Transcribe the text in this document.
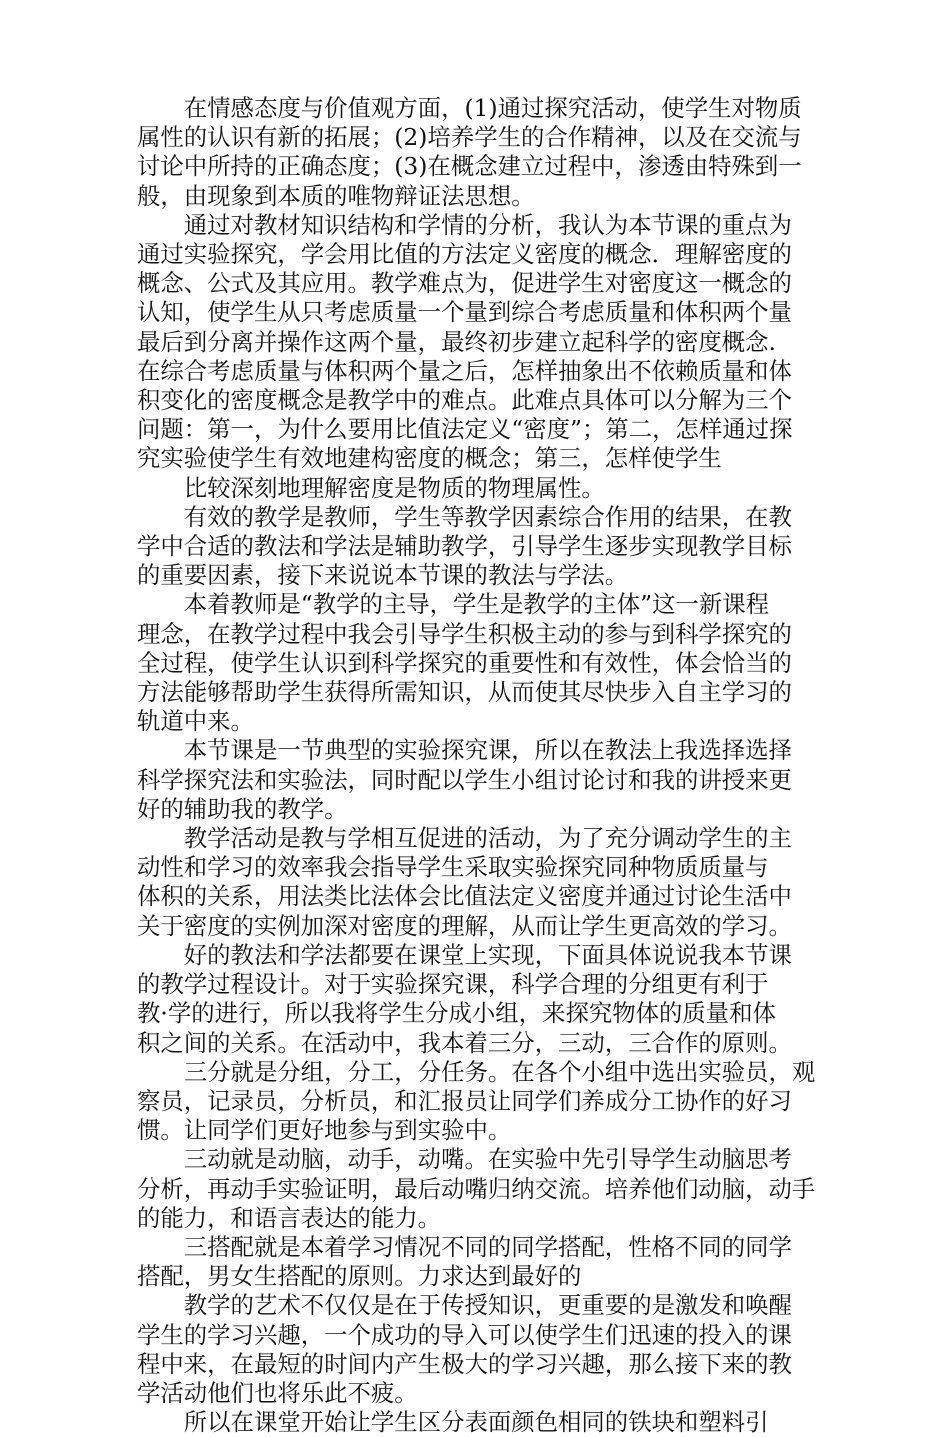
　　在情感态度与价值观方面，(1)通过探究活动，使学生对物质
属性的认识有新的拓展；(2)培养学生的合作精神，以及在交流与
讨论中所持的正确态度；(3)在概念建立过程中，渗透由特殊到一
般，由现象到本质的唯物辩证法思想。
　　通过对教材知识结构和学情的分析，我认为本节课的重点为
通过实验探究，学会用比值的方法定义密度的概念．理解密度的
概念、公式及其应用。教学难点为，促进学生对密度这一概念的
认知，使学生从只考虑质量一个量到综合考虑质量和体积两个量
最后到分离并操作这两个量，最终初步建立起科学的密度概念.
在综合考虑质量与体积两个量之后，怎样抽象出不依赖质量和体
积变化的密度概念是教学中的难点。此难点具体可以分解为三个
问题：第一，为什么要用比值法定义“密度”；第二，怎样通过探
究实验使学生有效地建构密度的概念；第三，怎样使学生
　　比较深刻地理解密度是物质的物理属性。
　　有效的教学是教师，学生等教学因素综合作用的结果，在教
学中合适的教法和学法是辅助教学，引导学生逐步实现教学目标
的重要因素，接下来说说本节课的教法与学法。
　　本着教师是“教学的主导，学生是教学的主体”这一新课程
理念，在教学过程中我会引导学生积极主动的参与到科学探究的
全过程，使学生认识到科学探究的重要性和有效性，体会恰当的
方法能够帮助学生获得所需知识，从而使其尽快步入自主学习的
轨道中来。
　　本节课是一节典型的实验探究课，所以在教法上我选择选择
科学探究法和实验法，同时配以学生小组讨论讨和我的讲授来更
好的辅助我的教学。
　　教学活动是教与学相互促进的活动，为了充分调动学生的主
动性和学习的效率我会指导学生采取实验探究同种物质质量与
体积的关系，用法类比法体会比值法定义密度并通过讨论生活中
关于密度的实例加深对密度的理解，从而让学生更高效的学习。
　　好的教法和学法都要在课堂上实现，下面具体说说我本节课
的教学过程设计。对于实验探究课，科学合理的分组更有利于
教·学的进行，所以我将学生分成小组，来探究物体的质量和体
积之间的关系。在活动中，我本着三分，三动，三合作的原则。
　　三分就是分组，分工，分任务。在各个小组中选出实验员，观
察员，记录员，分析员，和汇报员让同学们养成分工协作的好习
惯。让同学们更好地参与到实验中。
　　三动就是动脑，动手，动嘴。在实验中先引导学生动脑思考
分析，再动手实验证明，最后动嘴归纳交流。培养他们动脑，动手
的能力，和语言表达的能力。
　　三搭配就是本着学习情况不同的同学搭配，性格不同的同学
搭配，男女生搭配的原则。力求达到最好的
　　教学的艺术不仅仅是在于传授知识，更重要的是激发和唤醒
学生的学习兴趣，一个成功的导入可以使学生们迅速的投入的课
程中来，在最短的时间内产生极大的学习兴趣，那么接下来的教
学活动他们也将乐此不疲。
　　所以在课堂开始让学生区分表面颜色相同的铁块和塑料引
